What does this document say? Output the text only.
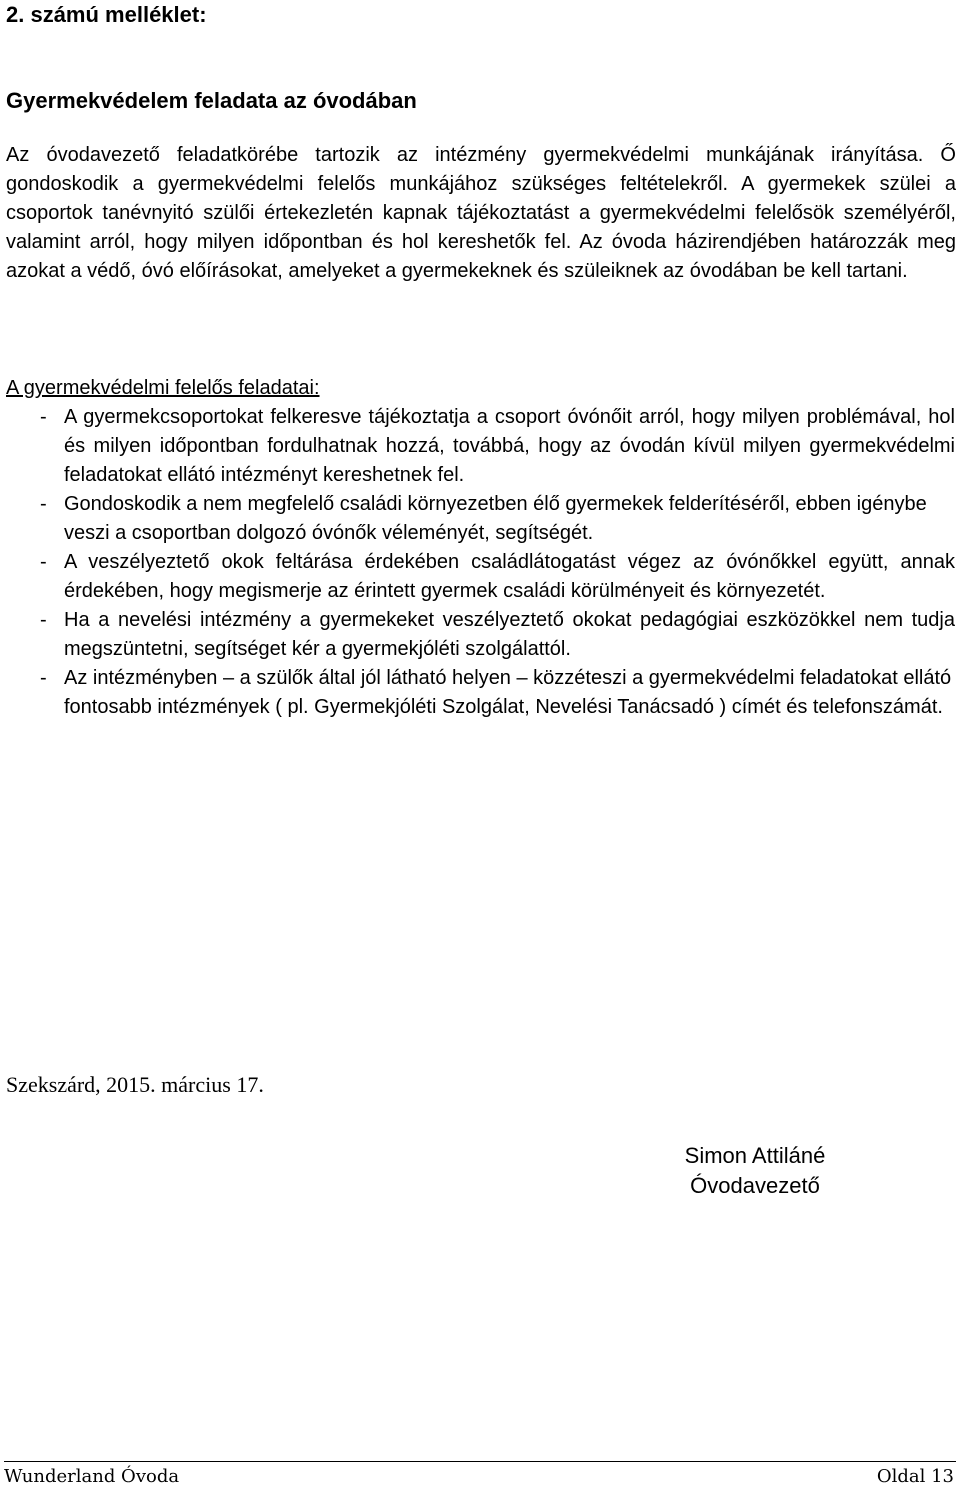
2. számú melléklet:
Gyermekvédelem feladata az óvodában

Az óvodavezető feladatkörébe tartozik az intézmény gyermekvédelmi munkájának irányítása. Ő gondoskodik a gyermekvédelmi felelős munkájához szükséges feltételekről. A gyermekek szülei a csoportok tanévnyitó szülői értekezletén kapnak tájékoztatást a gyermekvédelmi felelősök személyéről, valamint arról, hogy milyen időpontban és hol kereshetők fel. Az óvoda házirendjében határozzák meg azokat a védő, óvó előírásokat, amelyeket a gyermekeknek és szüleiknek az óvodában be kell tartani.

A gyermekvédelmi felelős feladatai:
- A gyermekcsoportokat felkeresve tájékoztatja a csoport óvónőit arról, hogy milyen problémával, hol és milyen időpontban fordulhatnak hozzá, továbbá, hogy az óvodán kívül milyen gyermekvédelmi feladatokat ellátó intézményt kereshetnek fel.
- Gondoskodik a nem megfelelő családi környezetben élő gyermekek felderítéséről, ebben igénybe veszi a csoportban dolgozó óvónők véleményét, segítségét.
- A veszélyeztető okok feltárása érdekében családlátogatást végez az óvónőkkel együtt, annak érdekében, hogy megismerje az érintett gyermek családi körülményeit és környezetét.
- Ha a nevelési intézmény a gyermekeket veszélyeztető okokat pedagógiai eszközökkel nem tudja megszüntetni, segítséget kér a gyermekjóléti szolgálattól.
- Az intézményben – a szülők által jól látható helyen – közzéteszi a gyermekvédelmi feladatokat ellátó fontosabb intézmények ( pl. Gyermekjóléti Szolgálat, Nevelési Tanácsadó ) címét és telefonszámát.
Szekszárd, 2015. március 17.
Simon Attiláné
Óvodavezető
Wunderland Óvoda	Oldal 13
